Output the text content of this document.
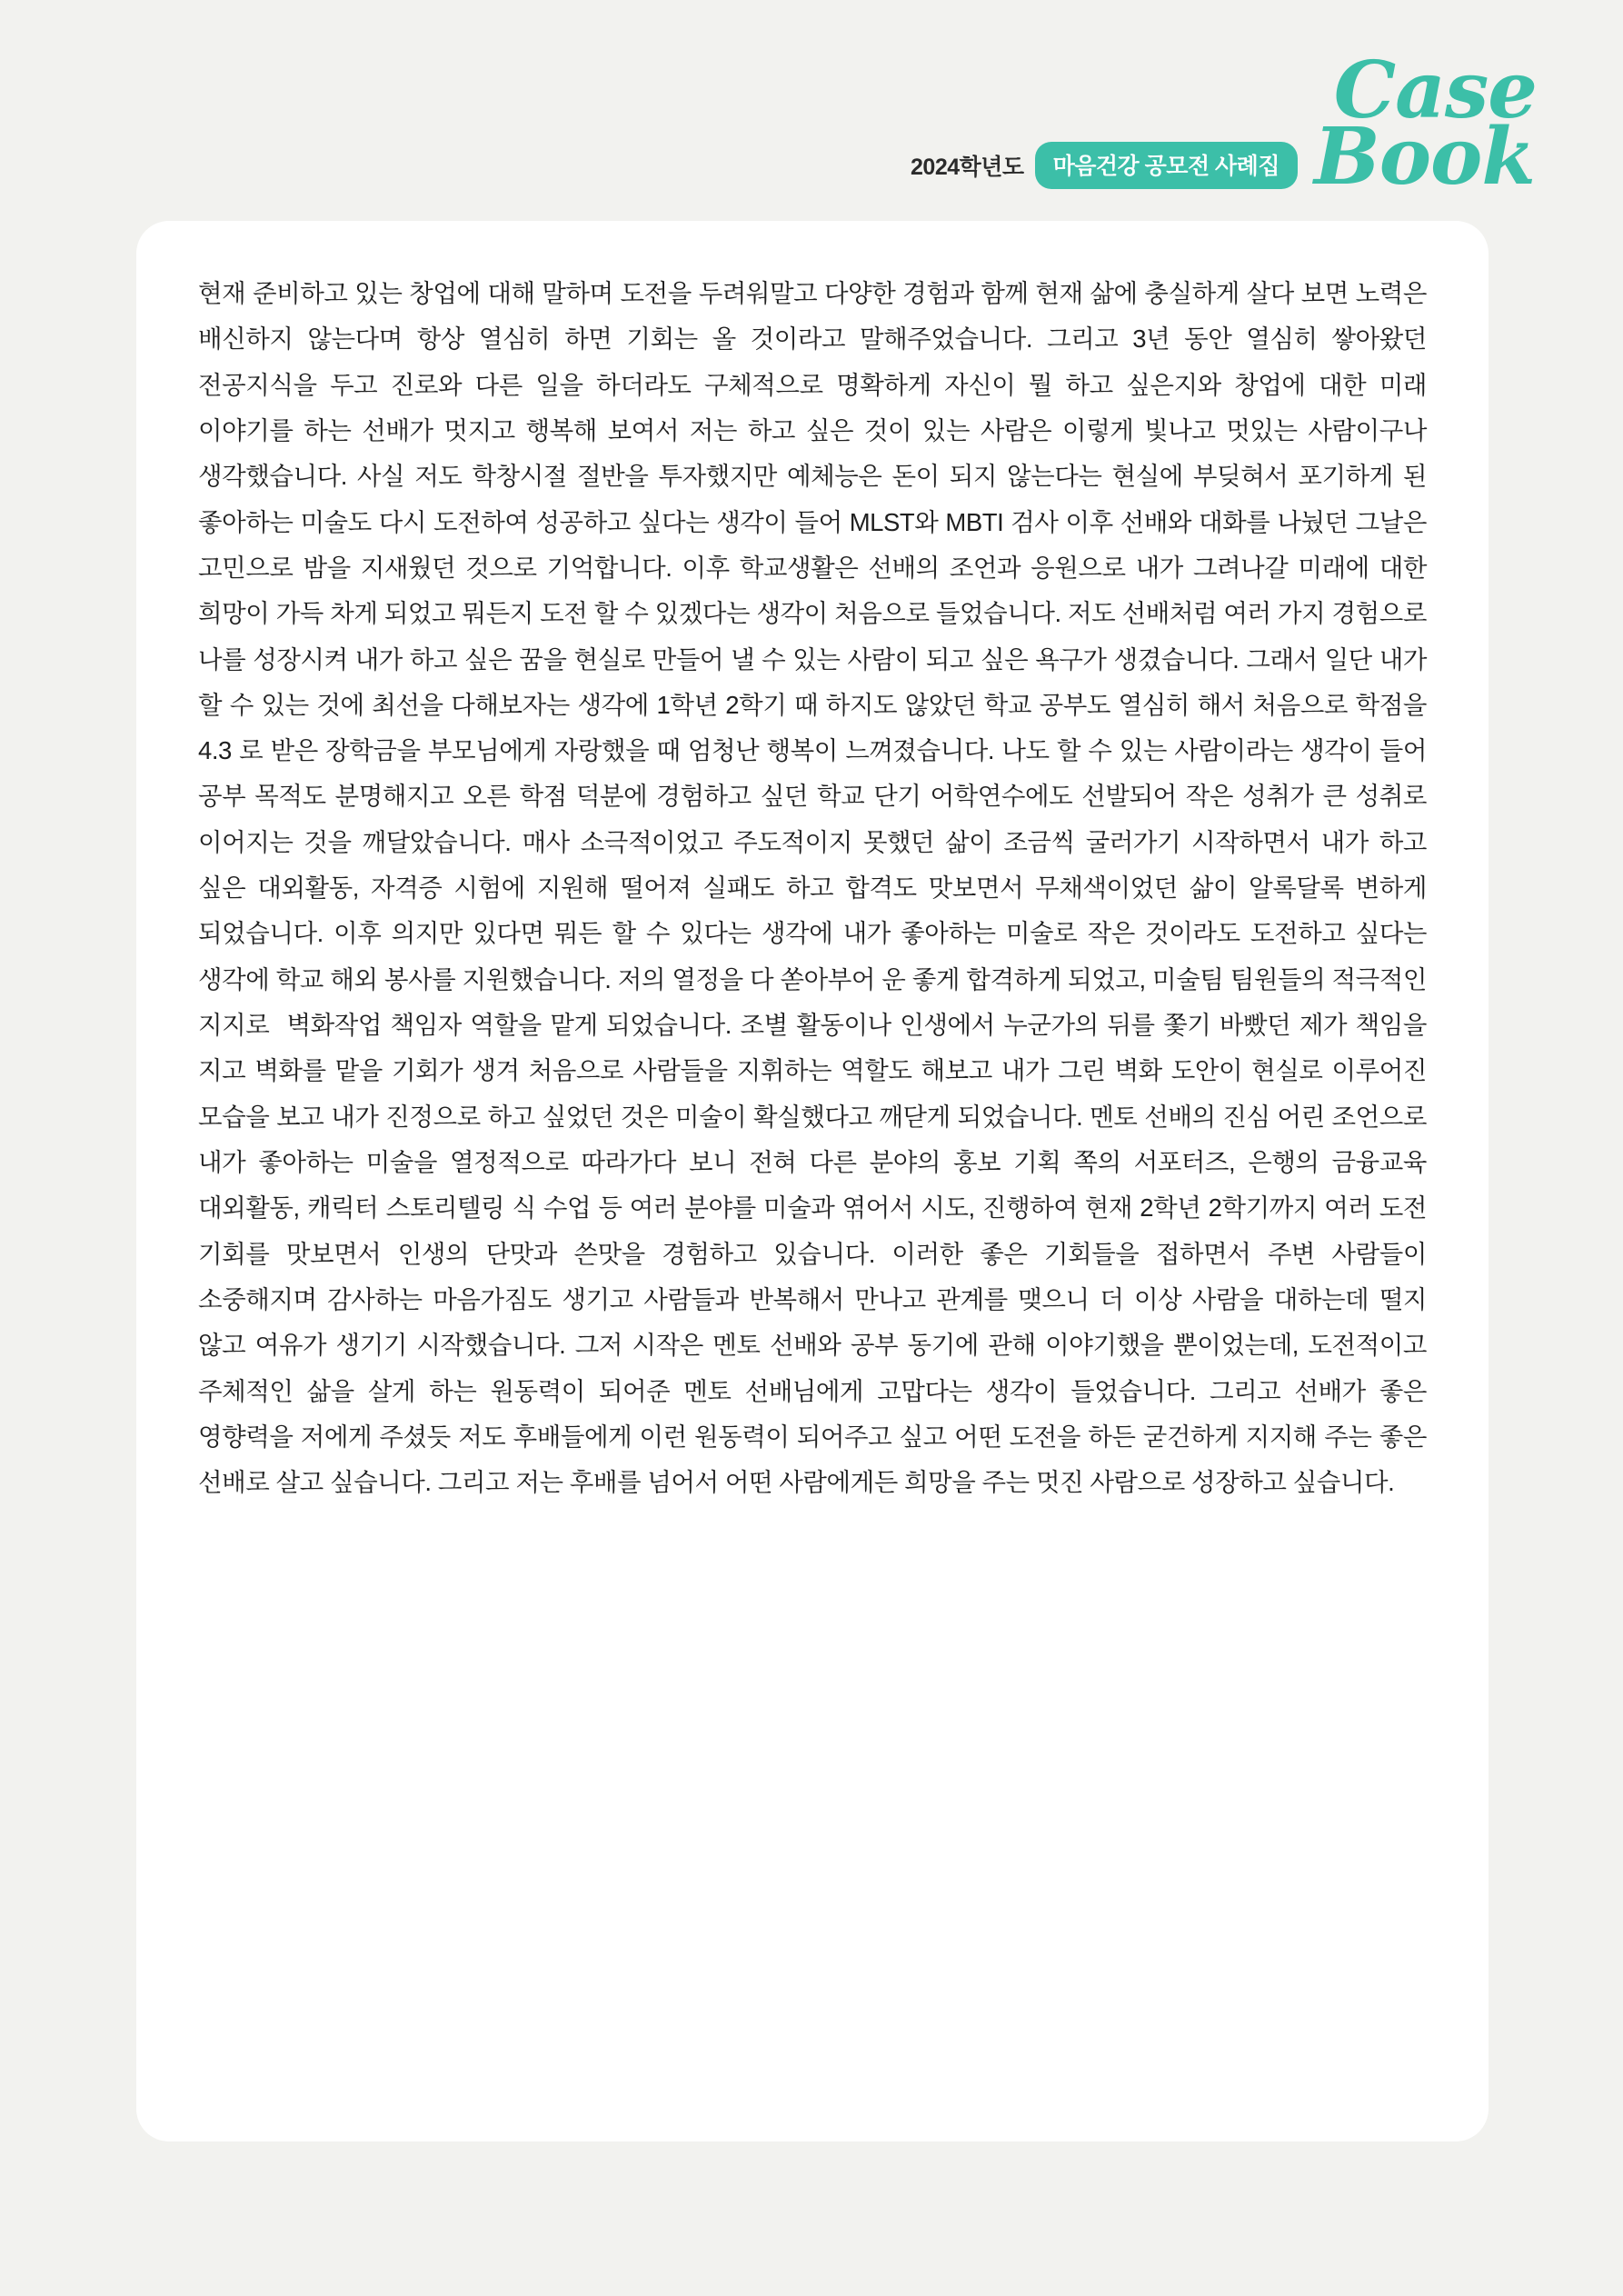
2024학년도	마음건강 공모전 사례집
Case
Book

현재 준비하고 있는 창업에 대해 말하며 도전을 두려워말고 다양한 경험과 함께 현재 삶에 충실하게 살다 보면 노력은 배신하지 않는다며 항상 열심히 하면 기회는 올 것이라고 말해주었습니다. 그리고 3년 동안 열심히 쌓아왔던 전공지식을 두고 진로와 다른 일을 하더라도 구체적으로 명확하게 자신이 뭘 하고 싶은지와 창업에 대한 미래 이야기를 하는 선배가 멋지고 행복해 보여서 저는 하고 싶은 것이 있는 사람은 이렇게 빛나고 멋있는 사람이구나 생각했습니다. 사실 저도 학창시절 절반을 투자했지만 예체능은 돈이 되지 않는다는 현실에 부딪혀서 포기하게 된 좋아하는 미술도 다시 도전하여 성공하고 싶다는 생각이 들어 MLST와 MBTI 검사 이후 선배와 대화를 나눴던 그날은 고민으로 밤을 지새웠던 것으로 기억합니다. 이후 학교생활은 선배의 조언과 응원으로 내가 그려나갈 미래에 대한 희망이 가득 차게 되었고 뭐든지 도전 할 수 있겠다는 생각이 처음으로 들었습니다. 저도 선배처럼 여러 가지 경험으로 나를 성장시켜 내가 하고 싶은 꿈을 현실로 만들어 낼 수 있는 사람이 되고 싶은 욕구가 생겼습니다. 그래서 일단 내가 할 수 있는 것에 최선을 다해보자는 생각에 1학년 2학기 때 하지도 않았던 학교 공부도 열심히 해서 처음으로 학점을 4.3 로 받은 장학금을 부모님에게 자랑했을 때 엄청난 행복이 느껴졌습니다. 나도 할 수 있는 사람이라는 생각이 들어 공부 목적도 분명해지고 오른 학점 덕분에 경험하고 싶던 학교 단기 어학연수에도 선발되어 작은 성취가 큰 성취로 이어지는 것을 깨달았습니다. 매사 소극적이었고 주도적이지 못했던 삶이 조금씩 굴러가기 시작하면서 내가 하고 싶은 대외활동, 자격증 시험에 지원해 떨어져 실패도 하고 합격도 맛보면서 무채색이었던 삶이 알록달록 변하게 되었습니다. 이후 의지만 있다면 뭐든 할 수 있다는 생각에 내가 좋아하는 미술로 작은 것이라도 도전하고 싶다는 생각에 학교 해외 봉사를 지원했습니다. 저의 열정을 다 쏟아부어 운 좋게 합격하게 되었고, 미술팀 팀원들의 적극적인 지지로  벽화작업 책임자 역할을 맡게 되었습니다. 조별 활동이나 인생에서 누군가의 뒤를 쫓기 바빴던 제가 책임을 지고 벽화를 맡을 기회가 생겨 처음으로 사람들을 지휘하는 역할도 해보고 내가 그린 벽화 도안이 현실로 이루어진 모습을 보고 내가 진정으로 하고 싶었던 것은 미술이 확실했다고 깨닫게 되었습니다. 멘토 선배의 진심 어린 조언으로 내가 좋아하는 미술을 열정적으로 따라가다 보니 전혀 다른 분야의 홍보 기획 쪽의 서포터즈, 은행의 금융교육 대외활동, 캐릭터 스토리텔링 식 수업 등 여러 분야를 미술과 엮어서 시도, 진행하여 현재 2학년 2학기까지 여러 도전 기회를 맛보면서 인생의 단맛과 쓴맛을 경험하고 있습니다. 이러한 좋은 기회들을 접하면서 주변 사람들이 소중해지며 감사하는 마음가짐도 생기고 사람들과 반복해서 만나고 관계를 맺으니 더 이상 사람을 대하는데 떨지 않고 여유가 생기기 시작했습니다. 그저 시작은 멘토 선배와 공부 동기에 관해 이야기했을 뿐이었는데, 도전적이고 주체적인 삶을 살게 하는 원동력이 되어준 멘토 선배님에게 고맙다는 생각이 들었습니다. 그리고 선배가 좋은 영향력을 저에게 주셨듯 저도 후배들에게 이런 원동력이 되어주고 싶고 어떤 도전을 하든 굳건하게 지지해 주는 좋은 선배로 살고 싶습니다. 그리고 저는 후배를 넘어서 어떤 사람에게든 희망을 주는 멋진 사람으로 성장하고 싶습니다.
